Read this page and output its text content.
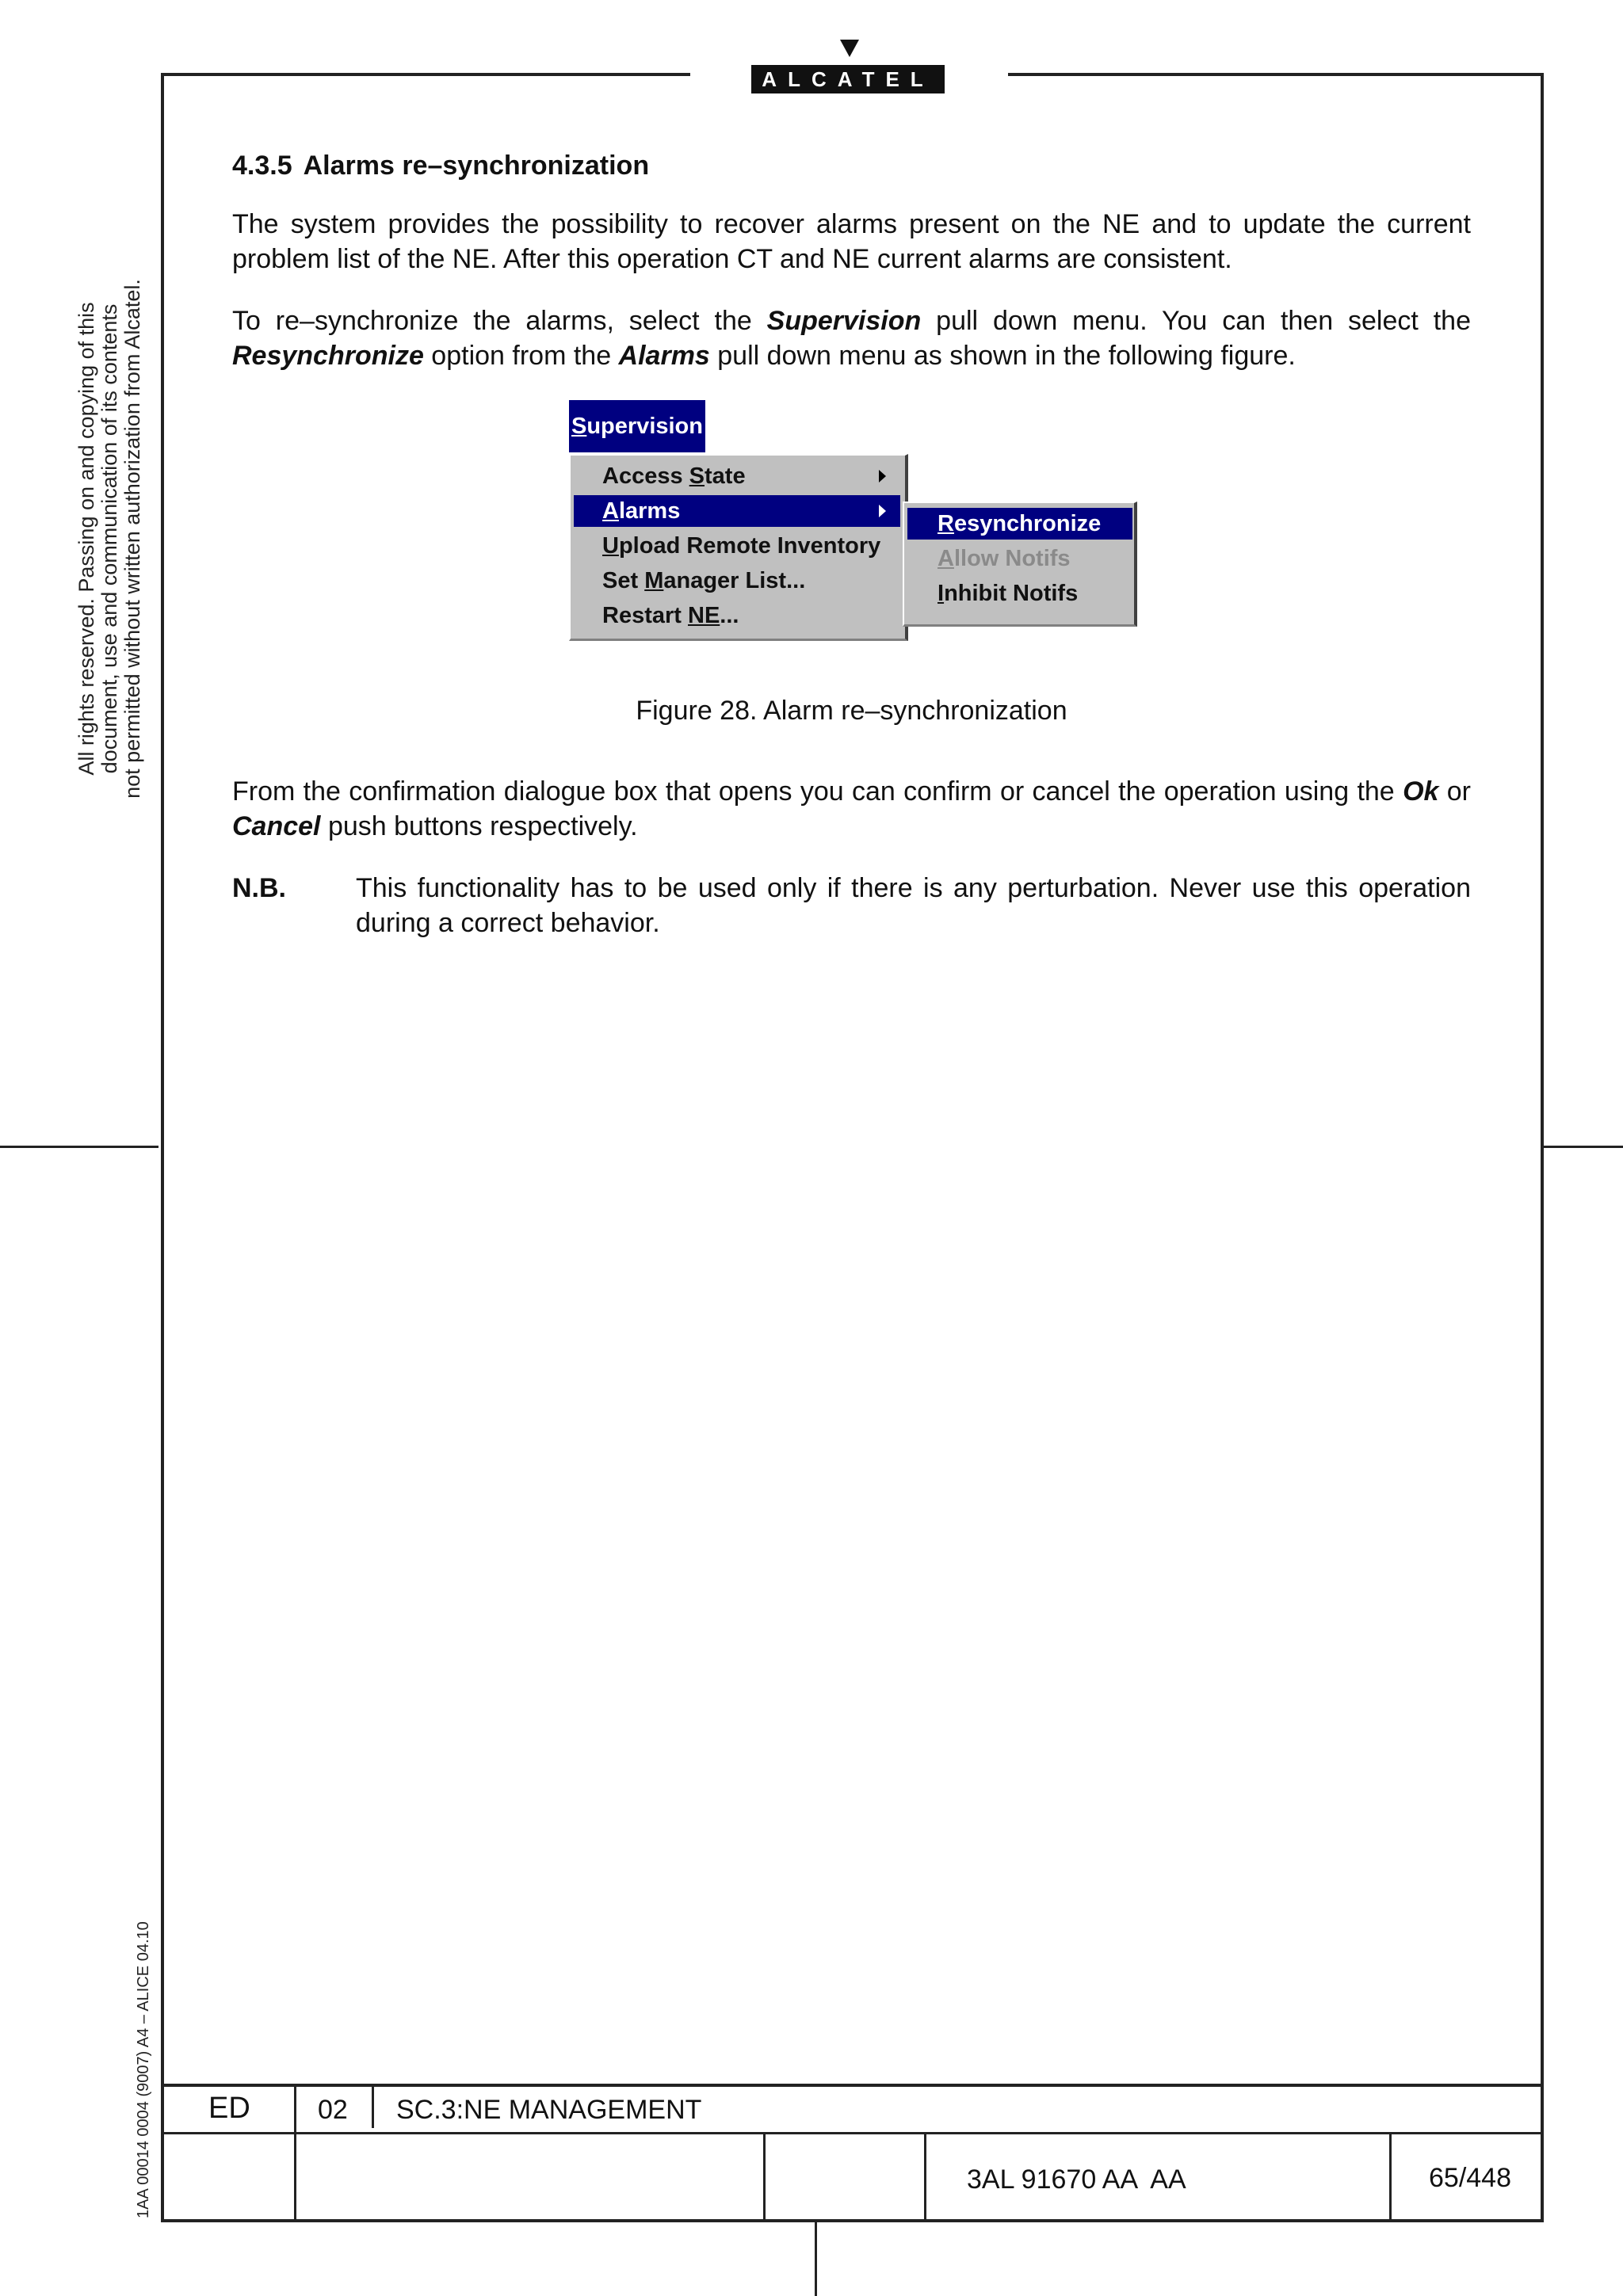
ALCATEL
All rights reserved. Passing on and copying of this document, use and communication of its contents not permitted without written authorization from Alcatel.
1AA 00014 0004 (9007) A4 – ALICE 04.10
4.3.5 Alarms re–synchronization

The system provides the possibility to recover alarms present on the NE and to update the current problem list of the NE. After this operation CT and NE current alarms are consistent.

To re–synchronize the alarms, select the Supervision pull down menu. You can then select the Resynchronize option from the Alarms pull down menu as shown in the following figure.

Supervision
Access State
Alarms
Upload Remote Inventory
Set Manager List...
Restart NE...
Resynchronize
Allow Notifs
Inhibit Notifs
Figure 28. Alarm re–synchronization

From the confirmation dialogue box that opens you can confirm or cancel the operation using the Ok or Cancel push buttons respectively.

N.B.	This functionality has to be used only if there is any perturbation. Never use this operation during a correct behavior.
ED	02 SC.3:NE MANAGEMENT
3AL 91670 AA  AA	65/448
